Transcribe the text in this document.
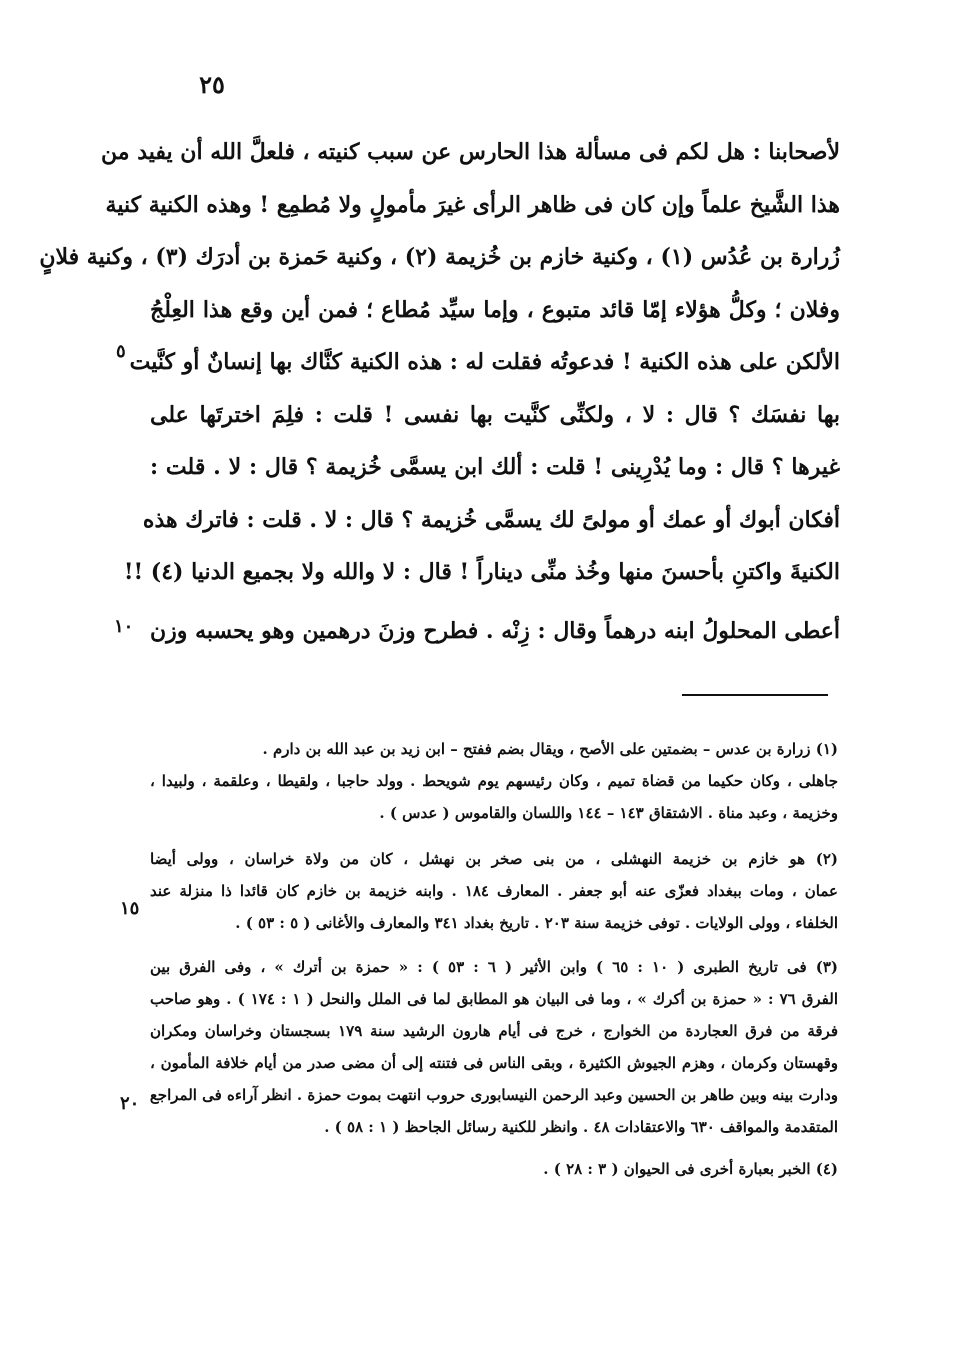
٢٥
لأصحابنا : هل لكم فى مسألة هذا الحارس عن سبب كنيته ، فلعلَّ الله أن يفيد من
هذا الشَّيخ علماً وإن كان فى ظاهر الرأى غيرَ مأمولٍ ولا مُطمِع ! وهذه الكنية كنية
زُرارة بن عُدُس (١) ، وكنية خازم بن خُزيمة (٢) ، وكنية حَمزة بن أدرَك (٣) ، وكنية فلانٍ
وفلان ؛ وكلُّ هؤلاء إمّا قائد متبوع ، وإما سيِّد مُطاع ؛ فمن أين وقع هذا العِلْجُ
الألكن على هذه الكنية ! فدعوتُه فقلت له : هذه الكنية كنَّاك بها إنسانٌ أو كنَّيت
بها نفسَك ؟ قال : لا ، ولكنِّى كنَّيت بها نفسى ! قلت : فلِمَ اخترتَها على
غيرها ؟ قال : وما يُدْرِينى ! قلت : ألك ابن يسمَّى خُزيمة ؟ قال : لا . قلت :
أفكان أبوك أو عمك أو مولىً لك يسمَّى خُزيمة ؟ قال : لا . قلت : فاترك هذه
الكنيةَ واكتنِ بأحسنَ منها وخُذ منِّى ديناراً ! قال : لا والله ولا بجميع الدنيا (٤) !!
أعطى المحلولُ ابنه درهماً وقال : زِنْه . فطرح وزنَ درهمين وهو يحسبه وزن
٥
١٠
(١) زرارة بن عدس – بضمتين على الأصح ، ويقال بضم ففتح – ابن زيد بن عبد الله بن دارم .
جاهلى ، وكان حكيما من قضاة تميم ، وكان رئيسهم يوم شويحط . وولد حاجبا ، ولقيطا ، وعلقمة ، ولبيدا ،
وخزيمة ، وعبد مناة . الاشتقاق ١٤٣ – ١٤٤ واللسان والقاموس ( عدس ) .
(٢) هو خازم بن خزيمة النهشلى ، من بنى صخر بن نهشل ، كان من ولاة خراسان ، وولى أيضا
عمان ، ومات ببغداد فعزّى عنه أبو جعفر . المعارف ١٨٤ . وابنه خزيمة بن خازم كان قائدا ذا منزلة عند
الخلفاء ، وولى الولايات . توفى خزيمة سنة ٢٠٣ . تاريخ بغداد ٣٤١ والمعارف والأغانى ( ٥ : ٥٣ ) .
(٣) فى تاريخ الطبرى ( ١٠ : ٦٥ ) وابن الأثير ( ٦ : ٥٣ ) : « حمزة بن أترك » ، وفى الفرق بين
الفرق ٧٦ : « حمزة بن أكرك » ، وما فى البيان هو المطابق لما فى الملل والنحل ( ١ : ١٧٤ ) . وهو صاحب
فرقة من فرق العجاردة من الخوارج ، خرج فى أيام هارون الرشيد سنة ١٧٩ بسجستان وخراسان ومكران
وقهستان وكرمان ، وهزم الجيوش الكثيرة ، وبقى الناس فى فتنته إلى أن مضى صدر من أيام خلافة المأمون ،
ودارت بينه وبين طاهر بن الحسين وعبد الرحمن النيسابورى حروب انتهت بموت حمزة . انظر آراءه فى المراجع
المتقدمة والمواقف ٦٣٠ والاعتقادات ٤٨ . وانظر للكنية رسائل الجاحظ ( ١ : ٥٨ ) .
(٤) الخبر بعبارة أخرى فى الحيوان ( ٣ : ٢٨ ) .
١٥
٢٠
